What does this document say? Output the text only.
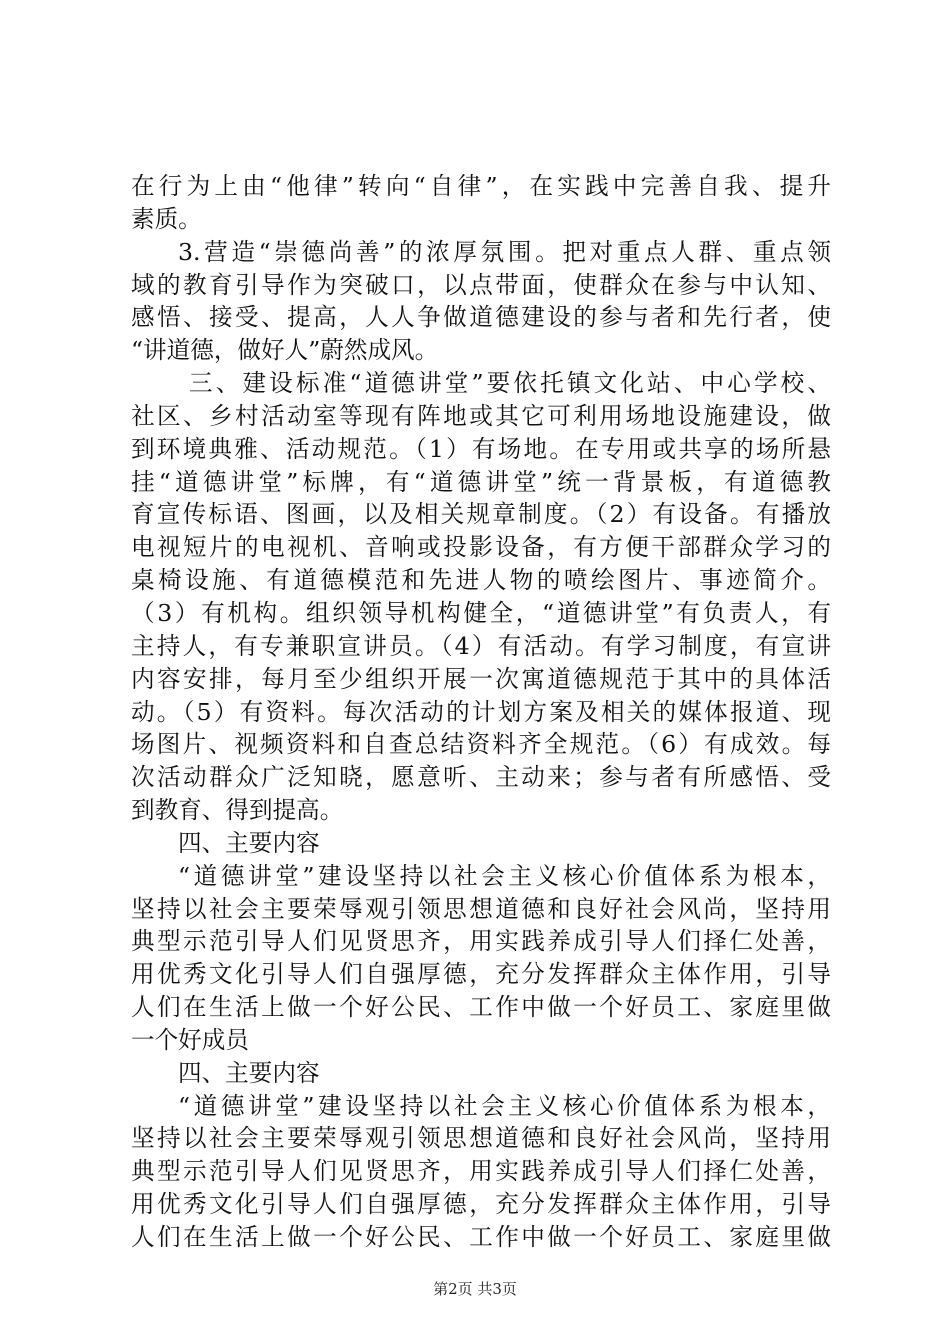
在行为上由“他律”转向“自律”，在实践中完善自我、提升
素质。
3.营造“崇德尚善”的浓厚氛围。把对重点人群、重点领
域的教育引导作为突破口，以点带面，使群众在参与中认知、
感悟、接受、提高，人人争做道德建设的参与者和先行者，使
“讲道德，做好人”蔚然成风。
三、建设标准“道德讲堂”要依托镇文化站、中心学校、
社区、乡村活动室等现有阵地或其它可利用场地设施建设，做
到环境典雅、活动规范。（1）有场地。在专用或共享的场所悬
挂“道德讲堂”标牌，有“道德讲堂”统一背景板，有道德教
育宣传标语、图画，以及相关规章制度。（2）有设备。有播放
电视短片的电视机、音响或投影设备，有方便干部群众学习的
桌椅设施、有道德模范和先进人物的喷绘图片、事迹简介。
（3）有机构。组织领导机构健全，“道德讲堂”有负责人，有
主持人，有专兼职宣讲员。（4）有活动。有学习制度，有宣讲
内容安排，每月至少组织开展一次寓道德规范于其中的具体活
动。（5）有资料。每次活动的计划方案及相关的媒体报道、现
场图片、视频资料和自查总结资料齐全规范。（6）有成效。每
次活动群众广泛知晓，愿意听、主动来；参与者有所感悟、受
到教育、得到提高。
四、主要内容
“道德讲堂”建设坚持以社会主义核心价值体系为根本，
坚持以社会主要荣辱观引领思想道德和良好社会风尚，坚持用
典型示范引导人们见贤思齐，用实践养成引导人们择仁处善，
用优秀文化引导人们自强厚德，充分发挥群众主体作用，引导
人们在生活上做一个好公民、工作中做一个好员工、家庭里做
一个好成员
四、主要内容
“道德讲堂”建设坚持以社会主义核心价值体系为根本，
坚持以社会主要荣辱观引领思想道德和良好社会风尚，坚持用
典型示范引导人们见贤思齐，用实践养成引导人们择仁处善，
用优秀文化引导人们自强厚德，充分发挥群众主体作用，引导
人们在生活上做一个好公民、工作中做一个好员工、家庭里做
第2页 共3页
